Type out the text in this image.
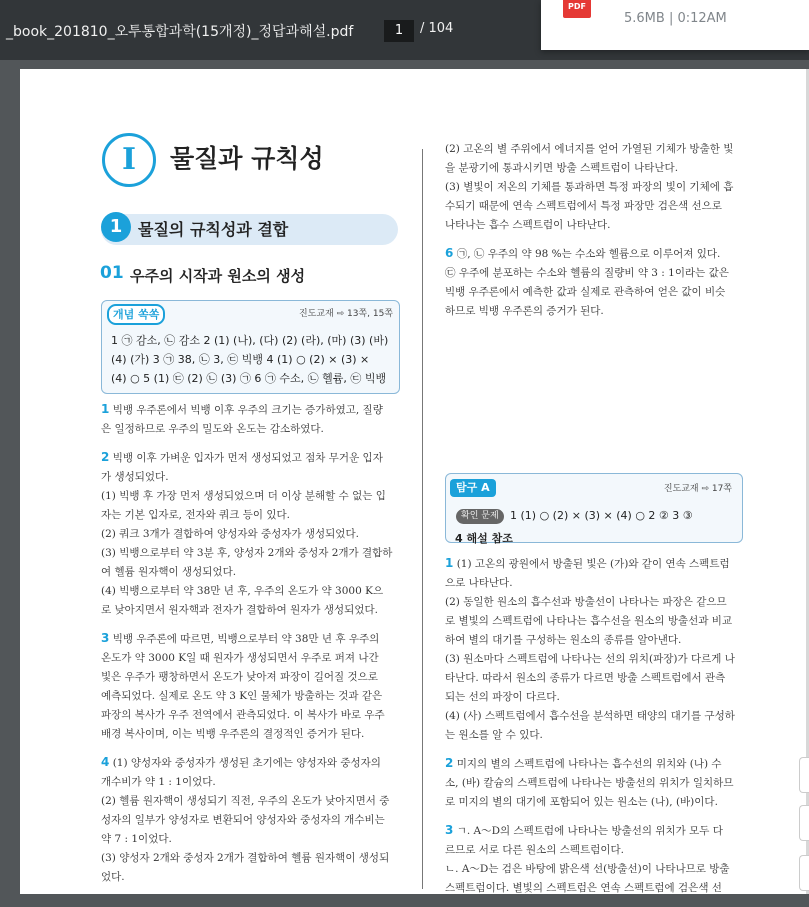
_book_201810_오투통합과학(15개정)_정답과해설.pdf	1	/ 104
PDF
5.6MB | 0:12AM
I	물질과 규칙성
1 물질의 규칙성과 결합
01 우주의 시작과 원소의 생성
개념 쏙쏙	진도교재 ⇨ 13쪽, 15쪽
1 ㉠ 감소, ㉡ 감소 2 (1) (나), (다) (2) (라), (마) (3) (바)
(4) (가) 3 ㉠ 38, ㉡ 3, ㉢ 빅뱅 4 (1) ○ (2) × (3) ×
(4) ○ 5 (1) ㉢ (2) ㉡ (3) ㉠ 6 ㉠ 수소, ㉡ 헬륨, ㉢ 빅뱅
1 빅뱅 우주론에서 빅뱅 이후 우주의 크기는 증가하였고, 질량
은 일정하므로 우주의 밀도와 온도는 감소하였다.
2 빅뱅 이후 가벼운 입자가 먼저 생성되었고 점차 무거운 입자
가 생성되었다.
(1) 빅뱅 후 가장 먼저 생성되었으며 더 이상 분해할 수 없는 입
자는 기본 입자로, 전자와 쿼크 등이 있다.
(2) 쿼크 3개가 결합하여 양성자와 중성자가 생성되었다.
(3) 빅뱅으로부터 약 3분 후, 양성자 2개와 중성자 2개가 결합하
여 헬륨 원자핵이 생성되었다.
(4) 빅뱅으로부터 약 38만 년 후, 우주의 온도가 약 3000 K으
로 낮아지면서 원자핵과 전자가 결합하여 원자가 생성되었다.
3 빅뱅 우주론에 따르면, 빅뱅으로부터 약 38만 년 후 우주의
온도가 약 3000 K일 때 원자가 생성되면서 우주로 퍼져 나간
빛은 우주가 팽창하면서 온도가 낮아져 파장이 길어질 것으로
예측되었다. 실제로 온도 약 3 K인 물체가 방출하는 것과 같은
파장의 복사가 우주 전역에서 관측되었다. 이 복사가 바로 우주
배경 복사이며, 이는 빅뱅 우주론의 결정적인 증거가 된다.
4 (1) 양성자와 중성자가 생성된 초기에는 양성자와 중성자의
개수비가 약 1 : 1이었다.
(2) 헬륨 원자핵이 생성되기 직전, 우주의 온도가 낮아지면서 중
성자의 일부가 양성자로 변환되어 양성자와 중성자의 개수비는
약 7 : 1이었다.
(3) 양성자 2개와 중성자 2개가 결합하여 헬륨 원자핵이 생성되
었다.
(2) 고온의 별 주위에서 에너지를 얻어 가열된 기체가 방출한 빛
을 분광기에 통과시키면 방출 스펙트럼이 나타난다.
(3) 별빛이 저온의 기체를 통과하면 특정 파장의 빛이 기체에 흡
수되기 때문에 연속 스펙트럼에서 특정 파장만 검은색 선으로
나타나는 흡수 스펙트럼이 나타난다.
6 ㉠, ㉡ 우주의 약 98 %는 수소와 헬륨으로 이루어져 있다.
㉢ 우주에 분포하는 수소와 헬륨의 질량비 약 3 : 1이라는 값은
빅뱅 우주론에서 예측한 값과 실제로 관측하여 얻은 값이 비슷
하므로 빅뱅 우주론의 증거가 된다.
탐구 A	진도교재 ⇨ 17쪽
확인 문제	1 (1) ○ (2) × (3) × (4) ○ 2 ② 3 ③
4 해설 참조
1 (1) 고온의 광원에서 방출된 빛은 (가)와 같이 연속 스펙트럼
으로 나타난다.
(2) 동일한 원소의 흡수선과 방출선이 나타나는 파장은 같으므
로 별빛의 스펙트럼에 나타나는 흡수선을 원소의 방출선과 비교
하여 별의 대기를 구성하는 원소의 종류를 알아낸다.
(3) 원소마다 스펙트럼에 나타나는 선의 위치(파장)가 다르게 나
타난다. 따라서 원소의 종류가 다르면 방출 스펙트럼에서 관측
되는 선의 파장이 다르다.
(4) (사) 스펙트럼에서 흡수선을 분석하면 태양의 대기를 구성하
는 원소를 알 수 있다.
2 미지의 별의 스펙트럼에 나타나는 흡수선의 위치와 (나) 수
소, (바) 칼슘의 스펙트럼에 나타나는 방출선의 위치가 일치하므
로 미지의 별의 대기에 포함되어 있는 원소는 (나), (바)이다.
3 ㄱ. A～D의 스펙트럼에 나타나는 방출선의 위치가 모두 다
르므로 서로 다른 원소의 스펙트럼이다.
ㄴ. A～D는 검은 바탕에 밝은색 선(방출선)이 나타나므로 방출
스펙트럼이다. 별빛의 스펙트럼은 연속 스펙트럼에 검은색 선
